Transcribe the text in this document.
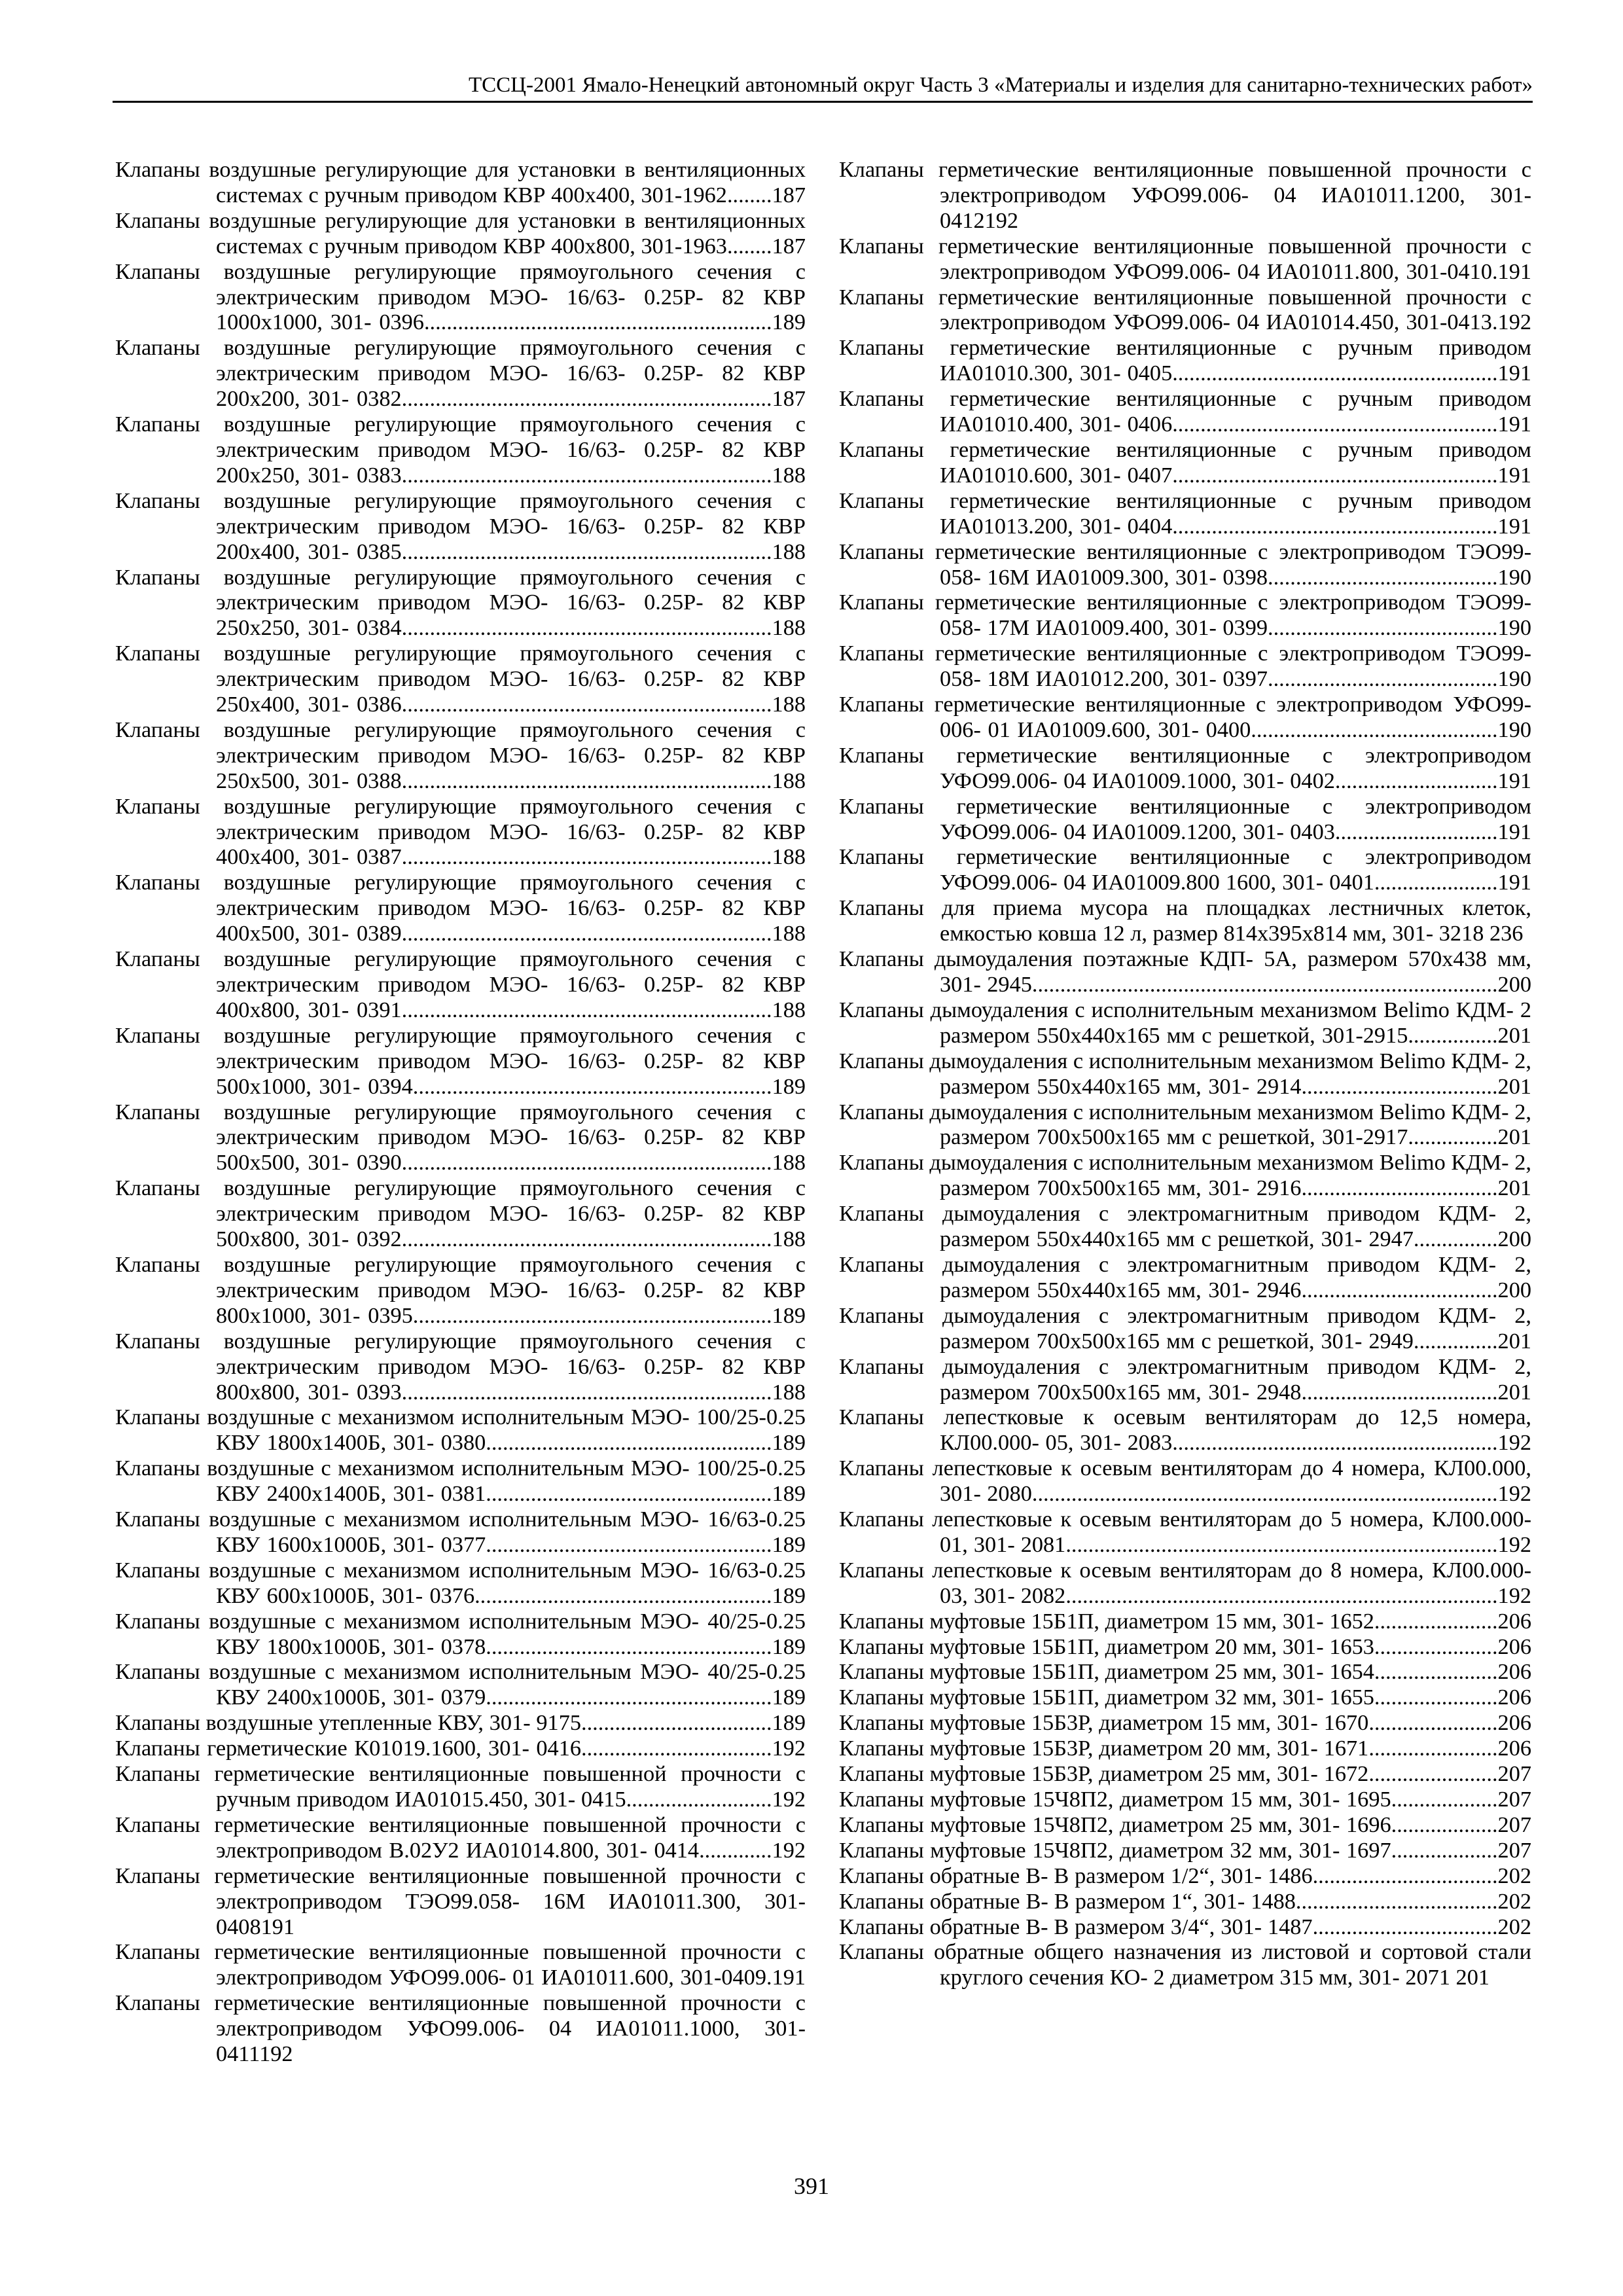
ТССЦ-2001 Ямало-Ненецкий автономный округ Часть 3 «Материалы и изделия для санитарно-технических работ»

Клапаны воздушные регулирующие для установки в вентиляционных системах с ручным приводом КВР 400х400, 301-1962........187

Клапаны воздушные регулирующие для установки в вентиляционных системах с ручным приводом КВР 400х800, 301-1963........187

Клапаны воздушные регулирующие прямоугольного сечения с электрическим приводом МЭО- 16/63- 0.25Р- 82 КВР 1000х1000, 301- 0396..............................................................189

Клапаны воздушные регулирующие прямоугольного сечения с электрическим приводом МЭО- 16/63- 0.25Р- 82 КВР 200х200, 301- 0382..................................................................187

Клапаны воздушные регулирующие прямоугольного сечения с электрическим приводом МЭО- 16/63- 0.25Р- 82 КВР 200х250, 301- 0383..................................................................188

Клапаны воздушные регулирующие прямоугольного сечения с электрическим приводом МЭО- 16/63- 0.25Р- 82 КВР 200х400, 301- 0385..................................................................188

Клапаны воздушные регулирующие прямоугольного сечения с электрическим приводом МЭО- 16/63- 0.25Р- 82 КВР 250х250, 301- 0384..................................................................188

Клапаны воздушные регулирующие прямоугольного сечения с электрическим приводом МЭО- 16/63- 0.25Р- 82 КВР 250х400, 301- 0386..................................................................188

Клапаны воздушные регулирующие прямоугольного сечения с электрическим приводом МЭО- 16/63- 0.25Р- 82 КВР 250х500, 301- 0388..................................................................188

Клапаны воздушные регулирующие прямоугольного сечения с электрическим приводом МЭО- 16/63- 0.25Р- 82 КВР 400х400, 301- 0387..................................................................188

Клапаны воздушные регулирующие прямоугольного сечения с электрическим приводом МЭО- 16/63- 0.25Р- 82 КВР 400х500, 301- 0389..................................................................188

Клапаны воздушные регулирующие прямоугольного сечения с электрическим приводом МЭО- 16/63- 0.25Р- 82 КВР 400х800, 301- 0391..................................................................188

Клапаны воздушные регулирующие прямоугольного сечения с электрическим приводом МЭО- 16/63- 0.25Р- 82 КВР 500х1000, 301- 0394................................................................189

Клапаны воздушные регулирующие прямоугольного сечения с электрическим приводом МЭО- 16/63- 0.25Р- 82 КВР 500х500, 301- 0390..................................................................188

Клапаны воздушные регулирующие прямоугольного сечения с электрическим приводом МЭО- 16/63- 0.25Р- 82 КВР 500х800, 301- 0392..................................................................188

Клапаны воздушные регулирующие прямоугольного сечения с электрическим приводом МЭО- 16/63- 0.25Р- 82 КВР 800х1000, 301- 0395................................................................189

Клапаны воздушные регулирующие прямоугольного сечения с электрическим приводом МЭО- 16/63- 0.25Р- 82 КВР 800х800, 301- 0393..................................................................188

Клапаны воздушные с механизмом исполнительным МЭО- 100/25-0.25 КВУ 1800х1400Б, 301- 0380...................................................189

Клапаны воздушные с механизмом исполнительным МЭО- 100/25-0.25 КВУ 2400х1400Б, 301- 0381...................................................189

Клапаны воздушные с механизмом исполнительным МЭО- 16/63-0.25 КВУ 1600х1000Б, 301- 0377...................................................189

Клапаны воздушные с механизмом исполнительным МЭО- 16/63-0.25 КВУ 600х1000Б, 301- 0376.....................................................189

Клапаны воздушные с механизмом исполнительным МЭО- 40/25-0.25 КВУ 1800х1000Б, 301- 0378...................................................189

Клапаны воздушные с механизмом исполнительным МЭО- 40/25-0.25 КВУ 2400х1000Б, 301- 0379...................................................189

Клапаны воздушные утепленные КВУ, 301- 9175..................................189

Клапаны герметические К01019.1600, 301- 0416..................................192

Клапаны герметические вентиляционные повышенной прочности с ручным приводом ИА01015.450, 301- 0415..........................192

Клапаны герметические вентиляционные повышенной прочности с электроприводом В.02У2 ИА01014.800, 301- 0414.............192

Клапаны герметические вентиляционные повышенной прочности с электроприводом ТЭО99.058- 16М ИА01011.300, 301-0408191

Клапаны герметические вентиляционные повышенной прочности с электроприводом УФО99.006- 01 ИА01011.600, 301-0409.191

Клапаны герметические вентиляционные повышенной прочности с электроприводом УФО99.006- 04 ИА01011.1000, 301-0411192

Клапаны герметические вентиляционные повышенной прочности с электроприводом УФО99.006- 04 ИА01011.1200, 301-0412192

Клапаны герметические вентиляционные повышенной прочности с электроприводом УФО99.006- 04 ИА01011.800, 301-0410.191

Клапаны герметические вентиляционные повышенной прочности с электроприводом УФО99.006- 04 ИА01014.450, 301-0413.192

Клапаны герметические вентиляционные с ручным приводом ИА01010.300, 301- 0405..........................................................191

Клапаны герметические вентиляционные с ручным приводом ИА01010.400, 301- 0406..........................................................191

Клапаны герметические вентиляционные с ручным приводом ИА01010.600, 301- 0407..........................................................191

Клапаны герметические вентиляционные с ручным приводом ИА01013.200, 301- 0404..........................................................191

Клапаны герметические вентиляционные с электроприводом ТЭО99- 058- 16М ИА01009.300, 301- 0398.........................................190

Клапаны герметические вентиляционные с электроприводом ТЭО99- 058- 17М ИА01009.400, 301- 0399.........................................190

Клапаны герметические вентиляционные с электроприводом ТЭО99- 058- 18М ИА01012.200, 301- 0397.........................................190

Клапаны герметические вентиляционные с электроприводом УФО99- 006- 01 ИА01009.600, 301- 0400............................................190

Клапаны герметические вентиляционные с электроприводом УФО99.006- 04 ИА01009.1000, 301- 0402.............................191

Клапаны герметические вентиляционные с электроприводом УФО99.006- 04 ИА01009.1200, 301- 0403.............................191

Клапаны герметические вентиляционные с электроприводом УФО99.006- 04 ИА01009.800 1600, 301- 0401......................191

Клапаны для приема мусора на площадках лестничных клеток, емкостью ковша 12 л, размер 814х395х814 мм, 301- 3218 236

Клапаны дымоудаления поэтажные КДП- 5А, размером 570х438 мм, 301- 2945...................................................................................200

Клапаны дымоудаления с исполнительным механизмом Belimo КДМ- 2 размером 550х440х165 мм с решеткой, 301-2915................201

Клапаны дымоудаления с исполнительным механизмом Belimo КДМ- 2, размером 550х440х165 мм, 301- 2914...................................201

Клапаны дымоудаления с исполнительным механизмом Belimo КДМ- 2, размером 700х500х165 мм с решеткой, 301-2917................201

Клапаны дымоудаления с исполнительным механизмом Belimo КДМ- 2, размером 700х500х165 мм, 301- 2916...................................201

Клапаны дымоудаления с электромагнитным приводом КДМ- 2, размером 550х440х165 мм с решеткой, 301- 2947...............200

Клапаны дымоудаления с электромагнитным приводом КДМ- 2, размером 550х440х165 мм, 301- 2946...................................200

Клапаны дымоудаления с электромагнитным приводом КДМ- 2, размером 700х500х165 мм с решеткой, 301- 2949...............201

Клапаны дымоудаления с электромагнитным приводом КДМ- 2, размером 700х500х165 мм, 301- 2948...................................201

Клапаны лепестковые к осевым вентиляторам до 12,5 номера, КЛ00.000- 05, 301- 2083..........................................................192

Клапаны лепестковые к осевым вентиляторам до 4 номера, КЛ00.000, 301- 2080...................................................................................192

Клапаны лепестковые к осевым вентиляторам до 5 номера, КЛ00.000- 01, 301- 2081.............................................................................192

Клапаны лепестковые к осевым вентиляторам до 8 номера, КЛ00.000- 03, 301- 2082.............................................................................192

Клапаны муфтовые 15Б1П, диаметром 15 мм, 301- 1652......................206

Клапаны муфтовые 15Б1П, диаметром 20 мм, 301- 1653......................206

Клапаны муфтовые 15Б1П, диаметром 25 мм, 301- 1654......................206

Клапаны муфтовые 15Б1П, диаметром 32 мм, 301- 1655......................206

Клапаны муфтовые 15Б3Р, диаметром 15 мм, 301- 1670.......................206

Клапаны муфтовые 15Б3Р, диаметром 20 мм, 301- 1671.......................206

Клапаны муфтовые 15Б3Р, диаметром 25 мм, 301- 1672.......................207

Клапаны муфтовые 15Ч8П2, диаметром 15 мм, 301- 1695...................207

Клапаны муфтовые 15Ч8П2, диаметром 25 мм, 301- 1696...................207

Клапаны муфтовые 15Ч8П2, диаметром 32 мм, 301- 1697...................207

Клапаны обратные В- В размером 1/2“, 301- 1486.................................202

Клапаны обратные В- В размером 1“, 301- 1488....................................202

Клапаны обратные В- В размером 3/4“, 301- 1487.................................202

Клапаны обратные общего назначения из листовой и сортовой стали круглого сечения КО- 2 диаметром 315 мм, 301- 2071 201

391
